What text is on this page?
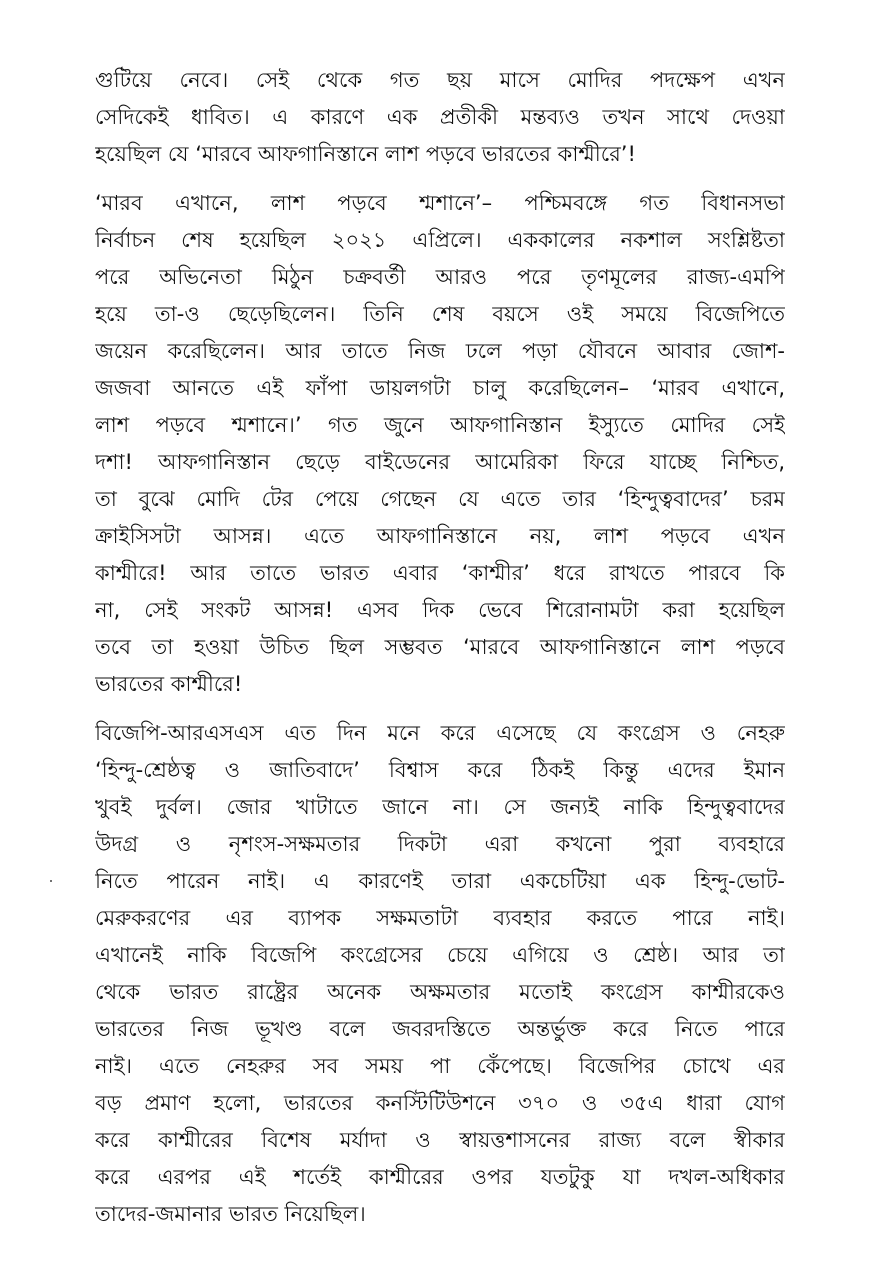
গুটিয়ে নেবে। সেই থেকে গত ছয় মাসে মোদির পদক্ষেপ এখন
সেদিকেই ধাবিত। এ কারণে এক প্রতীকী মন্তব্যও তখন সাথে দেওয়া
হয়েছিল যে ‘মারবে আফগানিস্তানে লাশ পড়বে ভারতের কাশ্মীরে’!
‘মারব এখানে, লাশ পড়বে শ্মশানে’– পশ্চিমবঙ্গে গত বিধানসভা
নির্বাচন শেষ হয়েছিল ২০২১ এপ্রিলে। এককালের নকশাল সংশ্লিষ্টতা
পরে অভিনেতা মিঠুন চক্রবর্তী আরও পরে তৃণমূলের রাজ্য-এমপি
হয়ে তা-ও ছেড়েছিলেন। তিনি শেষ বয়সে ওই সময়ে বিজেপিতে
জয়েন করেছিলেন। আর তাতে নিজ ঢলে পড়া যৌবনে আবার জোশ-
জজবা আনতে এই ফাঁপা ডায়লগটা চালু করেছিলেন– ‘মারব এখানে,
লাশ পড়বে শ্মশানে।’ গত জুনে আফগানিস্তান ইস্যুতে মোদির সেই
দশা! আফগানিস্তান ছেড়ে বাইডেনের আমেরিকা ফিরে যাচ্ছে নিশ্চিত,
তা বুঝে মোদি টের পেয়ে গেছেন যে এতে তার ‘হিন্দুত্ববাদের’ চরম
ক্রাইসিসটা আসন্ন। এতে আফগানিস্তানে নয়, লাশ পড়বে এখন
কাশ্মীরে! আর তাতে ভারত এবার ‘কাশ্মীর’ ধরে রাখতে পারবে কি
না, সেই সংকট আসন্ন! এসব দিক ভেবে শিরোনামটা করা হয়েছিল
তবে তা হওয়া উচিত ছিল সম্ভবত ‘মারবে আফগানিস্তানে লাশ পড়বে
ভারতের কাশ্মীরে!
বিজেপি-আরএসএস এত দিন মনে করে এসেছে যে কংগ্রেস ও নেহরু
‘হিন্দু-শ্রেষ্ঠত্ব ও জাতিবাদে’ বিশ্বাস করে ঠিকই কিন্তু এদের ইমান
খুবই দুর্বল। জোর খাটাতে জানে না। সে জন্যই নাকি হিন্দুত্ববাদের
উদগ্র ও নৃশংস-সক্ষমতার দিকটা এরা কখনো পুরা ব্যবহারে
নিতে পারেন নাই। এ কারণেই তারা একচেটিয়া এক হিন্দু-ভোট-
মেরুকরণের এর ব্যাপক সক্ষমতাটা ব্যবহার করতে পারে নাই।
এখানেই নাকি বিজেপি কংগ্রেসের চেয়ে এগিয়ে ও শ্রেষ্ঠ। আর তা
থেকে ভারত রাষ্ট্রের অনেক অক্ষমতার মতোই কংগ্রেস কাশ্মীরকেও
ভারতের নিজ ভূখণ্ড বলে জবরদস্তিতে অন্তর্ভুক্ত করে নিতে পারে
নাই। এতে নেহরুর সব সময় পা কেঁপেছে। বিজেপির চোখে এর
বড় প্রমাণ হলো, ভারতের কনস্টিটিউশনে ৩৭০ ও ৩৫এ ধারা যোগ
করে কাশ্মীরের বিশেষ মর্যাদা ও স্বায়ত্তশাসনের রাজ্য বলে স্বীকার
করে এরপর এই শর্তেই কাশ্মীরের ওপর যতটুকু যা দখল-অধিকার
তাদের-জমানার ভারত নিয়েছিল।
